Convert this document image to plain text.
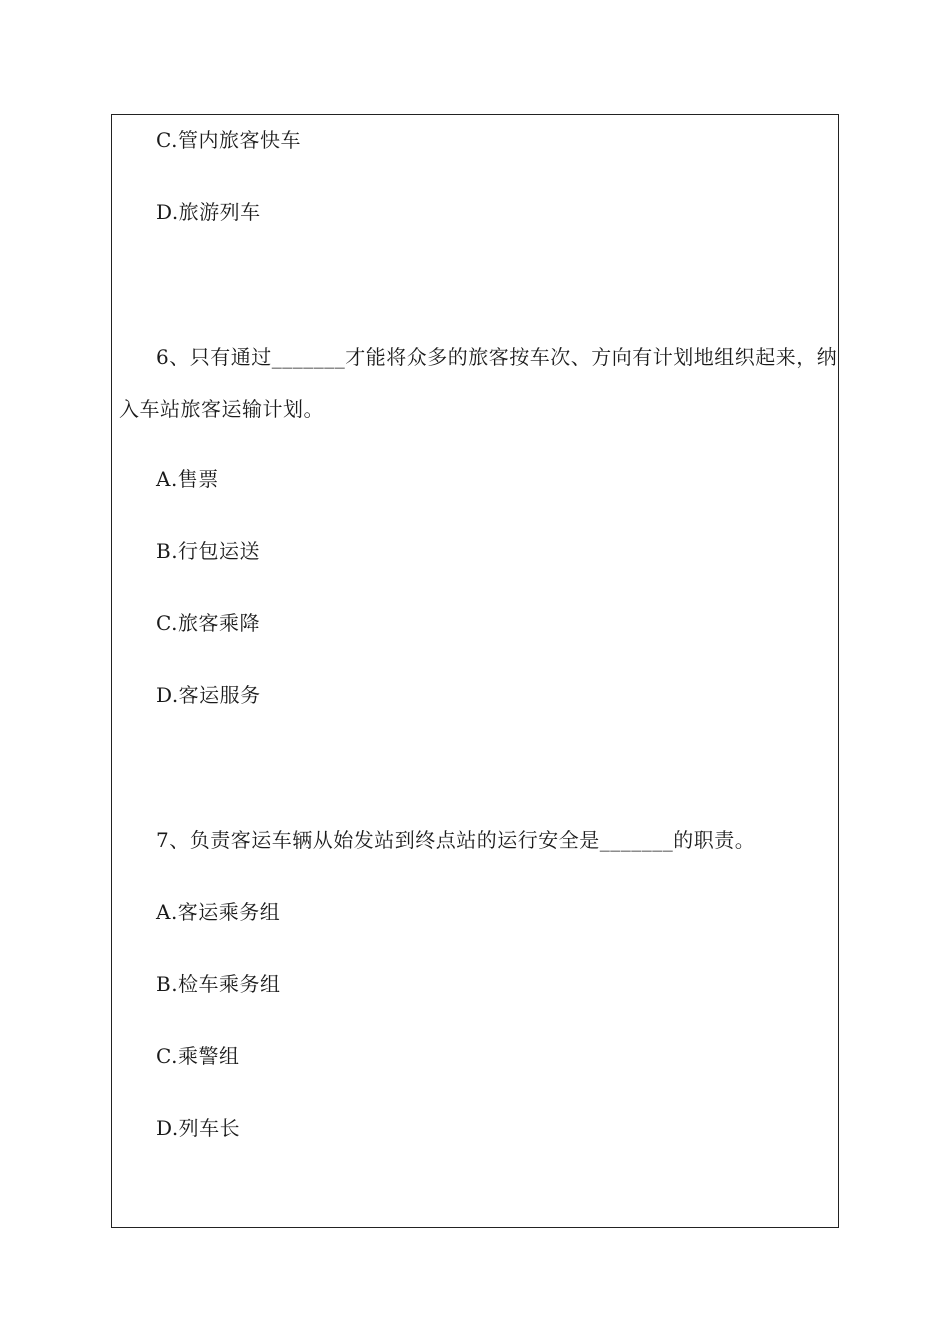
C.管内旅客快车
D.旅游列车
6、只有通过_______才能将众多的旅客按车次、方向有计划地组织起来，纳
入车站旅客运输计划。
A.售票
B.行包运送
C.旅客乘降
D.客运服务
7、负责客运车辆从始发站到终点站的运行安全是_______的职责。
A.客运乘务组
B.检车乘务组
C.乘警组
D.列车长
